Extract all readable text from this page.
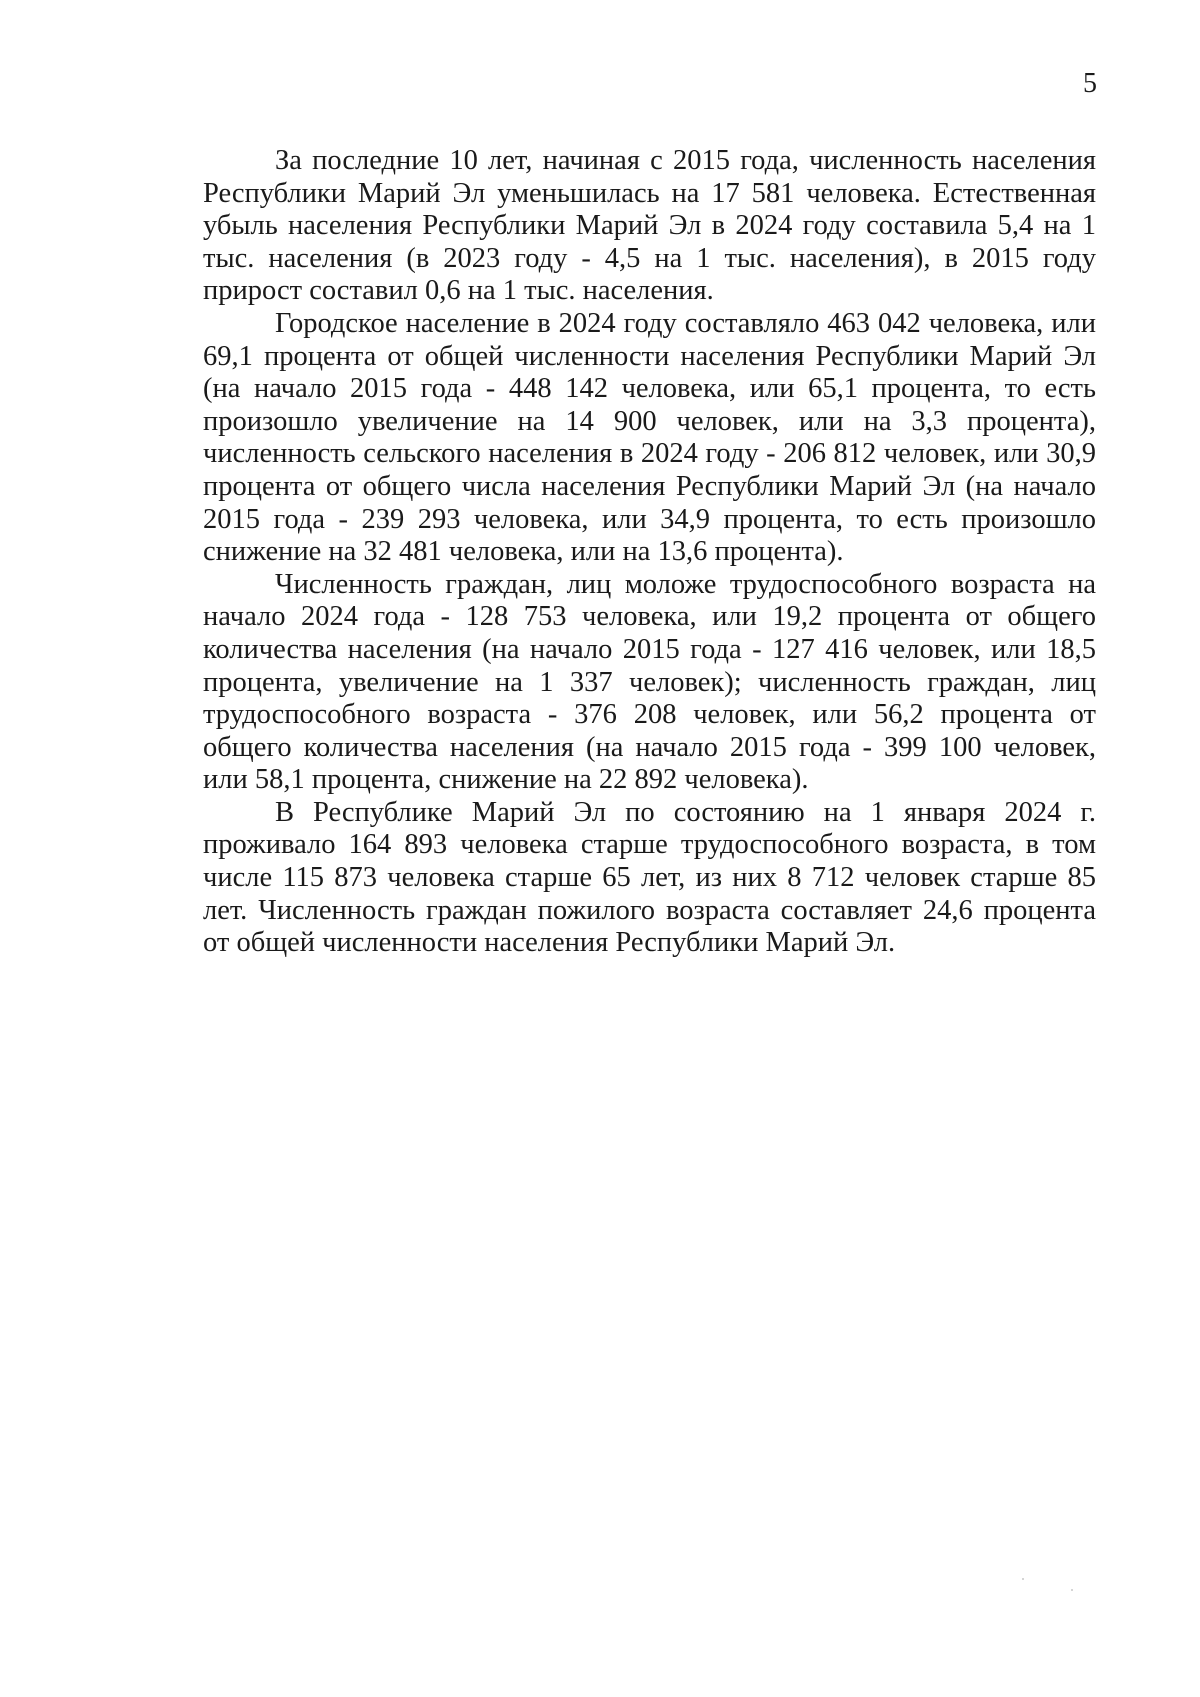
5

За последние 10 лет, начиная с 2015 года, численность населения Республики Марий Эл уменьшилась на 17 581 человека. Естественная убыль населения Республики Марий Эл в 2024 году составила 5,4 на 1 тыс. населения (в 2023 году - 4,5 на 1 тыс. населения), в 2015 году прирост составил 0,6 на 1 тыс. населения.

Городское население в 2024 году составляло 463 042 человека, или 69,1 процента от общей численности населения Республики Марий Эл (на начало 2015 года - 448 142 человека, или 65,1 процента, то есть произошло увеличение на 14 900 человек, или на 3,3 процента), численность сельского населения в 2024 году - 206 812 человек, или 30,9 процента от общего числа населения Республики Марий Эл (на начало 2015 года - 239 293 человека, или 34,9 процента, то есть произошло снижение на 32 481 человека, или на 13,6 процента).

Численность граждан, лиц моложе трудоспособного возраста на начало 2024 года - 128 753 человека, или 19,2 процента от общего количества населения (на начало 2015 года - 127 416 человек, или 18,5 процента, увеличение на 1 337 человек); численность граждан, лиц трудоспособного возраста - 376 208 человек, или 56,2 процента от общего количества населения (на начало 2015 года - 399 100 человек, или 58,1 процента, снижение на 22 892 человека).

В Республике Марий Эл по состоянию на 1 января 2024 г. проживало 164 893 человека старше трудоспособного возраста, в том числе 115 873 человека старше 65 лет, из них 8 712 человек старше 85 лет. Численность граждан пожилого возраста составляет 24,6 процента от общей численности населения Республики Марий Эл.
